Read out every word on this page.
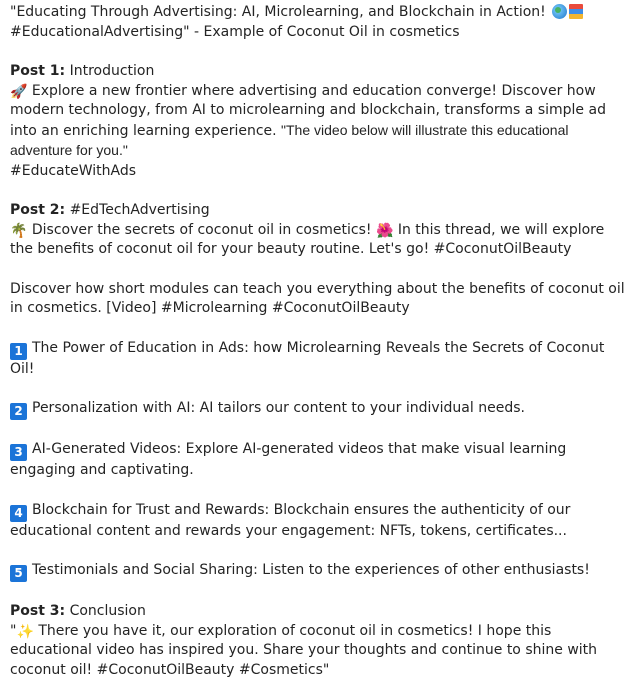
"Educating Through Advertising: AI, Microlearning, and Blockchain in Action!
#EducationalAdvertising" - Example of Coconut Oil in cosmetics

Post 1: Introduction
🚀 Explore a new frontier where advertising and education converge! Discover how modern technology, from AI to microlearning and blockchain, transforms a simple ad into an enriching learning experience. "The video below will illustrate this educational adventure for you."
#EducateWithAds

Post 2: #EdTechAdvertising
🌴 Discover the secrets of coconut oil in cosmetics! 🌺 In this thread, we will explore the benefits of coconut oil for your beauty routine. Let's go! #CoconutOilBeauty

Discover how short modules can teach you everything about the benefits of coconut oil in cosmetics. [Video] #Microlearning #CoconutOilBeauty

1 The Power of Education in Ads: how Microlearning Reveals the Secrets of Coconut Oil!

2 Personalization with AI: AI tailors our content to your individual needs.

3 AI-Generated Videos: Explore AI-generated videos that make visual learning engaging and captivating.

4 Blockchain for Trust and Rewards: Blockchain ensures the authenticity of our educational content and rewards your engagement: NFTs, tokens, certificates...

5 Testimonials and Social Sharing: Listen to the experiences of other enthusiasts!

Post 3: Conclusion
"✨ There you have it, our exploration of coconut oil in cosmetics! I hope this educational video has inspired you. Share your thoughts and continue to shine with coconut oil! #CoconutOilBeauty #Cosmetics"
